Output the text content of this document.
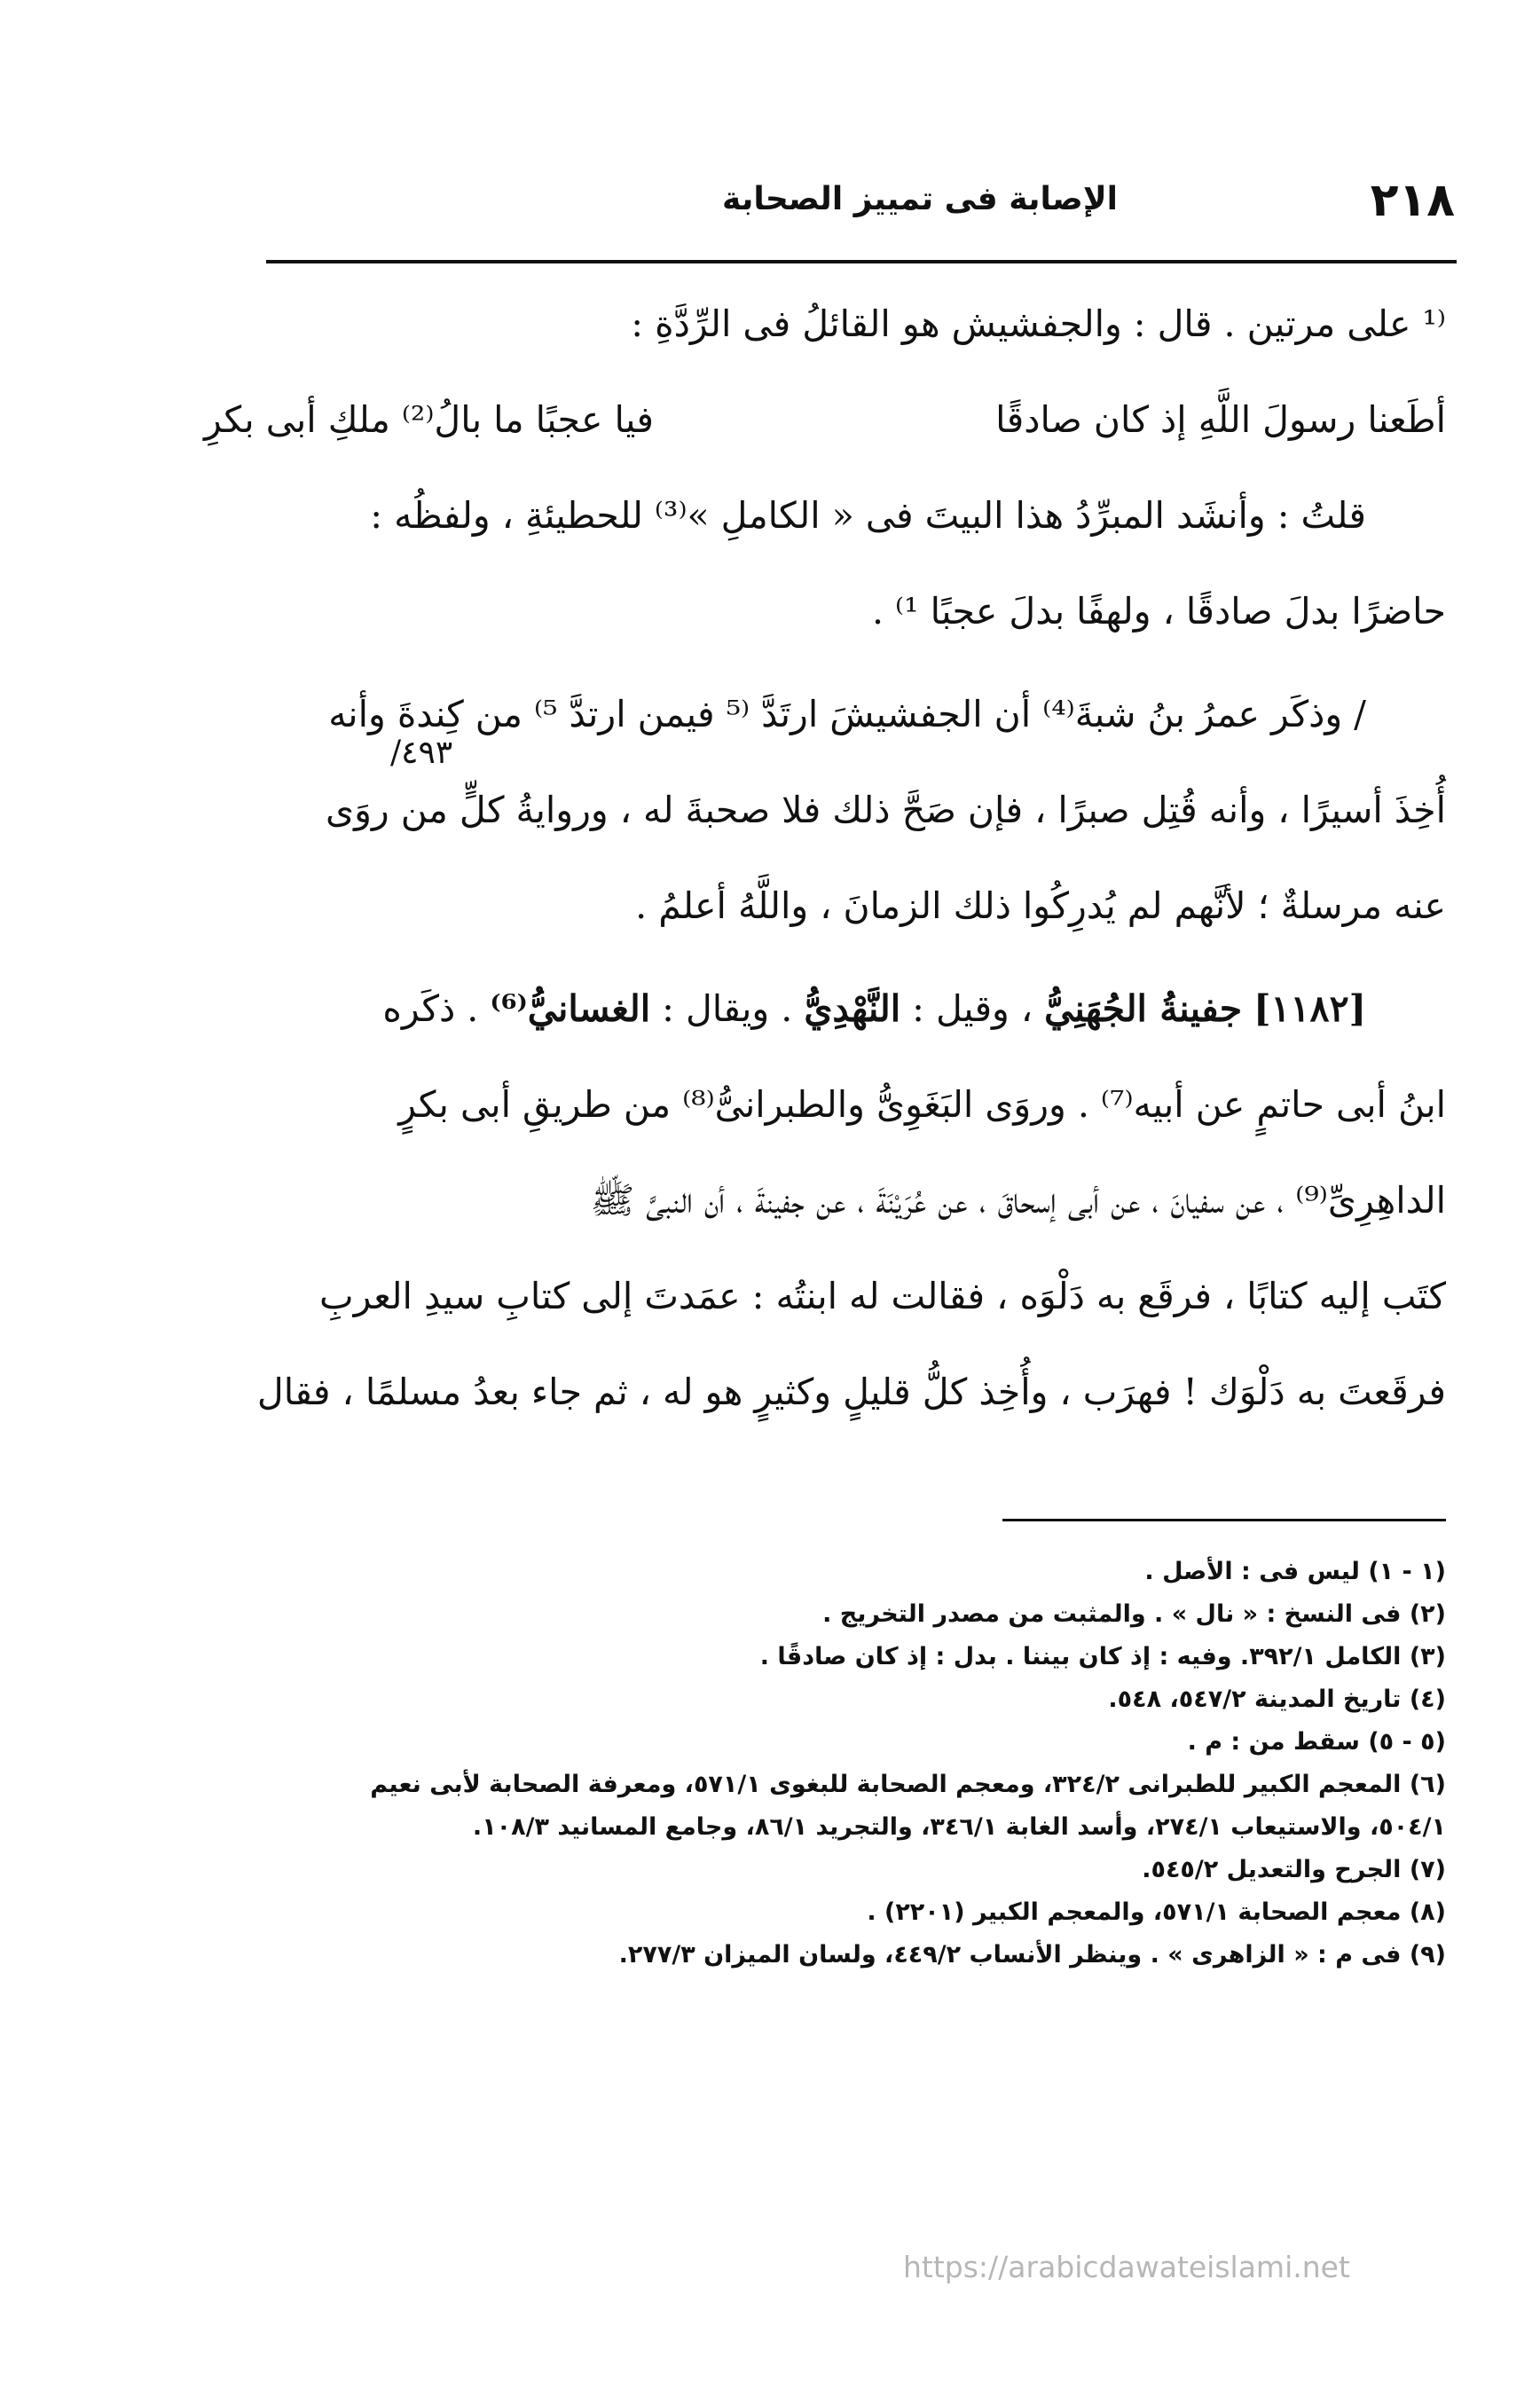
٢١٨
الإصابة فى تمييز الصحابة
٤٩٣/
⁽¹ على مرتين . قال : والجفشيش هو القائلُ فى الرِّدَّةِ :
أطَعنا رسولَ اللَّهِ إذ كان صادقًا
فيا عجبًا ما بالُ⁽²⁾ ملكِ أبى بكرِ
قلتُ : وأنشَد المبرِّدُ هذا البيتَ فى « الكاملِ »⁽³⁾ للحطيئةِ ، ولفظُه :
حاضرًا بدلَ صادقًا ، ولهفًا بدلَ عجبًا ¹⁾ .
/ وذكَر عمرُ بنُ شبةَ⁽⁴⁾ أن الجفشيشَ ارتَدَّ ⁽⁵ فيمن ارتدَّ ⁵⁾ من كِندةَ وأنه
أُخِذَ أسيرًا ، وأنه قُتِل صبرًا ، فإن صَحَّ ذلك فلا صحبةَ له ، وروايةُ كلٍّ من روَى
عنه مرسلةٌ ؛ لأنَّهم لم يُدرِكُوا ذلك الزمانَ ، واللَّهُ أعلمُ .
[١١٨٢] جفينةُ الجُهَنِيُّ ، وقيل : النَّهْدِيُّ . ويقال : الغسانيُّ⁽⁶⁾ . ذكَره
ابنُ أبى حاتمٍ عن أبيه⁽⁷⁾ . وروَى البَغَوِىُّ والطبرانىُّ⁽⁸⁾ من طريقِ أبى بكرٍ
الداهِرِىِّ⁽⁹⁾ ، عن سفيانَ ، عن أبى إسحاقَ ، عن عُرَيْنَةَ ، عن جفينةَ ، أن النبىَّ ﷺ
كتَب إليه كتابًا ، فرقَع به دَلْوَه ، فقالت له ابنتُه : عمَدتَ إلى كتابِ سيدِ العربِ
فرقَعتَ به دَلْوَك ! فهرَب ، وأُخِذ كلُّ قليلٍ وكثيرٍ هو له ، ثم جاء بعدُ مسلمًا ، فقال
(١ - ١) ليس فى : الأصل .
(٢) فى النسخ : « نال » . والمثبت من مصدر التخريج .
(٣) الكامل ٣٩٢/١. وفيه : إذ كان بيننا . بدل : إذ كان صادقًا .
(٤) تاريخ المدينة ٥٤٧/٢، ٥٤٨.
(٥ - ٥) سقط من : م .
(٦) المعجم الكبير للطبرانى ٣٢٤/٢، ومعجم الصحابة للبغوى ٥٧١/١، ومعرفة الصحابة لأبى نعيم
٥٠٤/١، والاستيعاب ٢٧٤/١، وأسد الغابة ٣٤٦/١، والتجريد ٨٦/١، وجامع المسانيد ١٠٨/٣.
(٧) الجرح والتعديل ٥٤٥/٢.
(٨) معجم الصحابة ٥٧١/١، والمعجم الكبير (٢٢٠١) .
(٩) فى م : « الزاهرى » . وينظر الأنساب ٤٤٩/٢، ولسان الميزان ٢٧٧/٣.
https://arabicdawateislami.net
